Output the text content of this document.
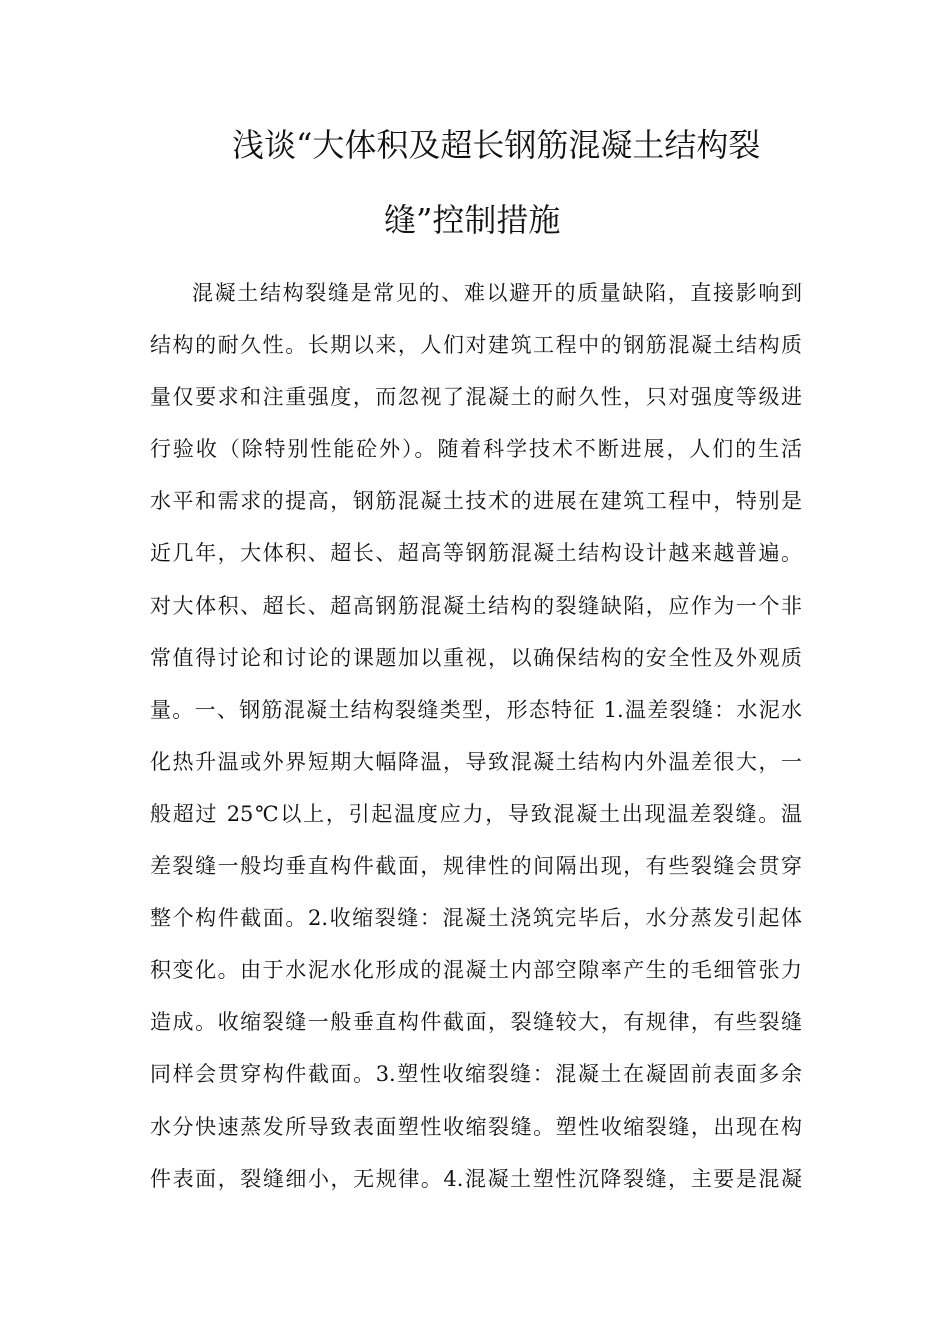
浅谈“大体积及超长钢筋混凝土结构裂
缝”控制措施
混凝土结构裂缝是常见的、难以避开的质量缺陷，直接影响到
结构的耐久性。长期以来，人们对建筑工程中的钢筋混凝土结构质
量仅要求和注重强度，而忽视了混凝土的耐久性，只对强度等级进
行验收（除特别性能砼外）。随着科学技术不断进展，人们的生活
水平和需求的提高，钢筋混凝土技术的进展在建筑工程中，特别是
近几年，大体积、超长、超高等钢筋混凝土结构设计越来越普遍。
对大体积、超长、超高钢筋混凝土结构的裂缝缺陷，应作为一个非
常值得讨论和讨论的课题加以重视，以确保结构的安全性及外观质
量。一、钢筋混凝土结构裂缝类型，形态特征 1.温差裂缝：水泥水
化热升温或外界短期大幅降温，导致混凝土结构内外温差很大，一
般超过 25℃以上，引起温度应力，导致混凝土出现温差裂缝。温
差裂缝一般均垂直构件截面，规律性的间隔出现，有些裂缝会贯穿
整个构件截面。2.收缩裂缝：混凝土浇筑完毕后，水分蒸发引起体
积变化。由于水泥水化形成的混凝土内部空隙率产生的毛细管张力
造成。收缩裂缝一般垂直构件截面，裂缝较大，有规律，有些裂缝
同样会贯穿构件截面。3.塑性收缩裂缝：混凝土在凝固前表面多余
水分快速蒸发所导致表面塑性收缩裂缝。塑性收缩裂缝，出现在构
件表面，裂缝细小，无规律。4.混凝土塑性沉降裂缝，主要是混凝
